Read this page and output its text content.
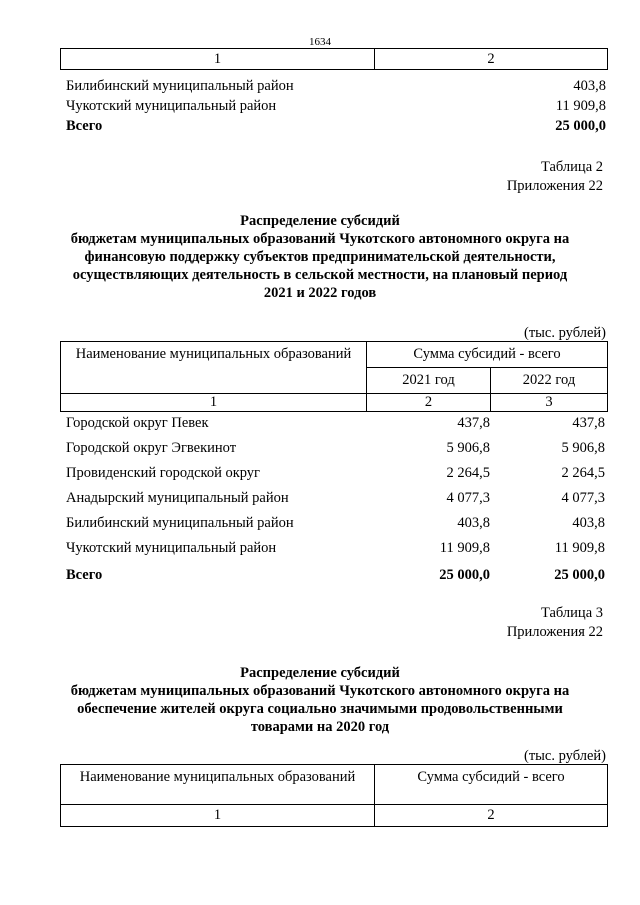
1634
1	2
Билибинский муниципальный район	403,8
Чукотский муниципальный район	11 909,8
Всего	25 000,0
Таблица 2
Приложения 22
Распределение субсидий
бюджетам муниципальных образований Чукотского автономного округа на
финансовую поддержку субъектов предпринимательской деятельности,
осуществляющих деятельность в сельской местности, на плановый период
2021 и 2022 годов
(тыс. рублей)
Наименование муниципальных образований	Сумма субсидий - всего	
	2021 год	2022 год
1	2	3
Городской округ Певек	437,8	437,8
Городской округ Эгвекинот	5 906,8	5 906,8
Провиденский городской округ	2 264,5	2 264,5
Анадырский муниципальный район	4 077,3	4 077,3
Билибинский муниципальный район	403,8	403,8
Чукотский муниципальный район	11 909,8	11 909,8
Всего	25 000,0	25 000,0
Таблица 3
Приложения 22
Распределение субсидий
бюджетам муниципальных образований Чукотского автономного округа на
обеспечение жителей округа социально значимыми продовольственными
товарами на 2020 год
(тыс. рублей)
Наименование муниципальных образований	Сумма субсидий - всего
1	2
